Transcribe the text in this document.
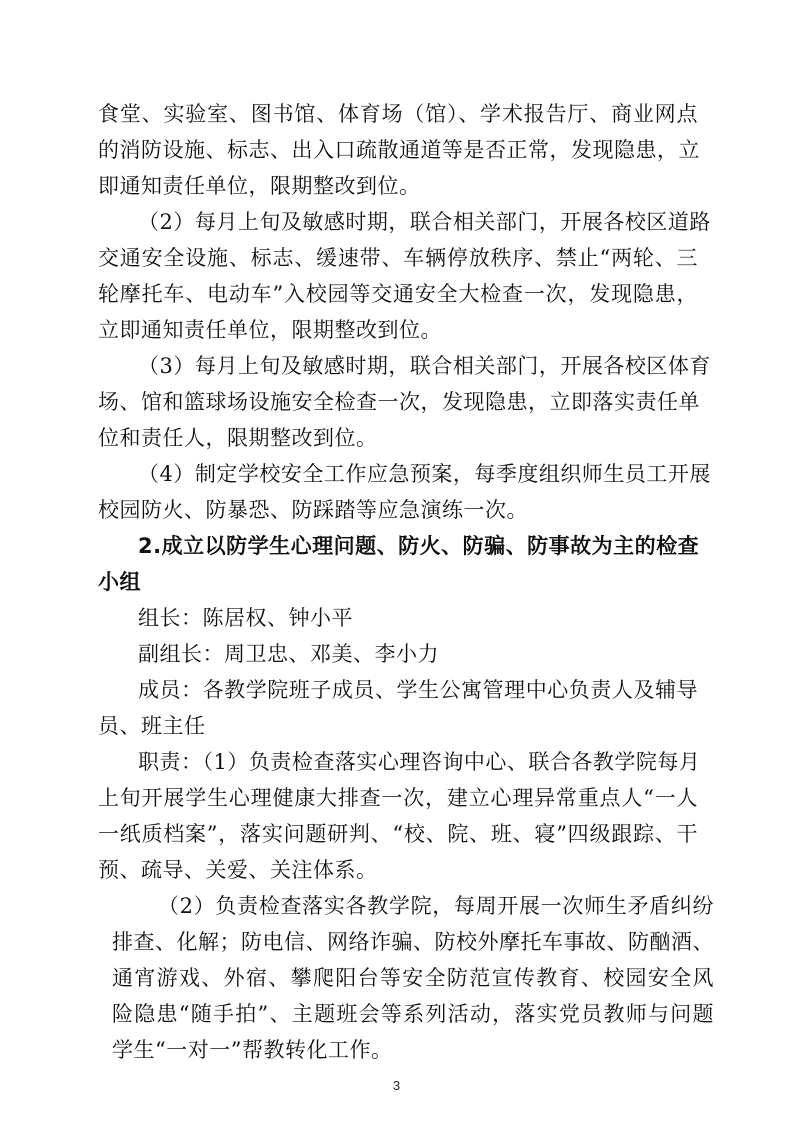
食堂、实验室、图书馆、体育场（馆）、学术报告厅、商业网点
的消防设施、标志、出入口疏散通道等是否正常，发现隐患，立
即通知责任单位，限期整改到位。
（2）每月上旬及敏感时期，联合相关部门，开展各校区道路
交通安全设施、标志、缓速带、车辆停放秩序、禁止“两轮、三
轮摩托车、电动车”入校园等交通安全大检查一次，发现隐患，
立即通知责任单位，限期整改到位。
（3）每月上旬及敏感时期，联合相关部门，开展各校区体育
场、馆和篮球场设施安全检查一次，发现隐患，立即落实责任单
位和责任人，限期整改到位。
（4）制定学校安全工作应急预案，每季度组织师生员工开展
校园防火、防暴恐、防踩踏等应急演练一次。
2.成立以防学生心理问题、防火、防骗、防事故为主的检查
小组
组长：陈居权、钟小平
副组长：周卫忠、邓美、李小力
成员：各教学院班子成员、学生公寓管理中心负责人及辅导
员、班主任
职责：（1）负责检查落实心理咨询中心、联合各教学院每月
上旬开展学生心理健康大排查一次，建立心理异常重点人“一人
一纸质档案”，落实问题研判、“校、院、班、寝”四级跟踪、干
预、疏导、关爱、关注体系。
（2）负责检查落实各教学院，每周开展一次师生矛盾纠纷
排查、化解；防电信、网络诈骗、防校外摩托车事故、防酗酒、
通宵游戏、外宿、攀爬阳台等安全防范宣传教育、校园安全风
险隐患“随手拍”、主题班会等系列活动，落实党员教师与问题
学生“一对一”帮教转化工作。
3
